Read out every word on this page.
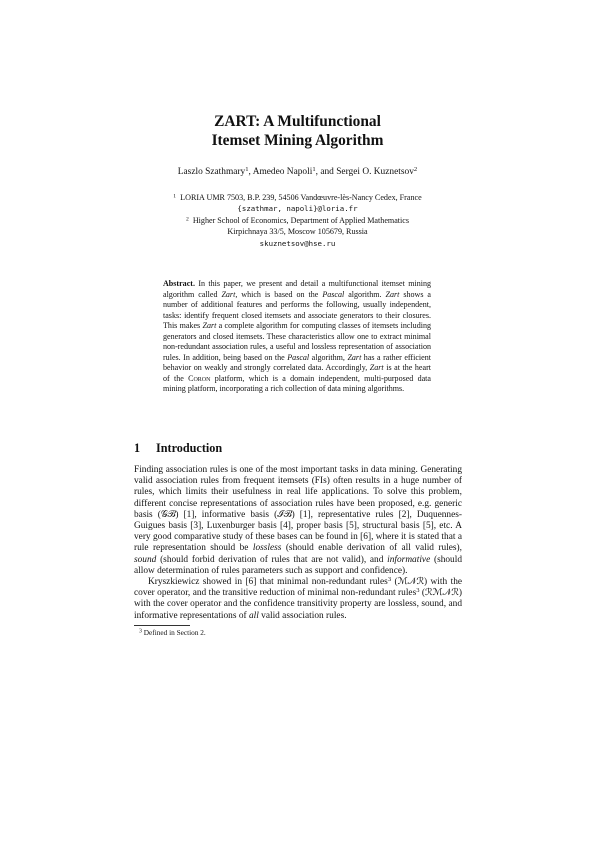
ZART: A Multifunctional
Itemset Mining Algorithm
Laszlo Szathmary$^1$, Amedeo Napoli$^1$, and Sergei O. Kuznetsov$^2$
$^1$ LORIA UMR 7503, B.P. 239, 54506 Vandœuvre-lès-Nancy Cedex, France
{szathmar, napoli}@loria.fr
$^2$ Higher School of Economics, Department of Applied Mathematics
Kirpichnaya 33/5, Moscow 105679, Russia
skuznetsov@hse.ru
Abstract. In this paper, we present and detail a multifunctional itemset mining algorithm called Zart, which is based on the Pascal algorithm. Zart shows a number of additional features and performs the following, usually independent, tasks: identify frequent closed itemsets and associate generators to their closures. This makes Zart a complete algorithm for computing classes of itemsets including generators and closed itemsets. These characteristics allow one to extract minimal non-redundant association rules, a useful and lossless representation of association rules. In addition, being based on the Pascal algorithm, Zart has a rather efficient behavior on weakly and strongly correlated data. Accordingly, Zart is at the heart of the Coron platform, which is a domain independent, multi-purposed data mining platform, incorporating a rich collection of data mining algorithms.
1 Introduction

Finding association rules is one of the most important tasks in data mining. Generating valid association rules from frequent itemsets (FIs) often results in a huge number of rules, which limits their usefulness in real life applications. To solve this problem, different concise representations of association rules have been proposed, e.g. generic basis (𝒢ℬ) [1], informative basis (ℐℬ) [1], representative rules [2], Duquennes-Guigues basis [3], Luxenburger basis [4], proper basis [5], structural basis [5], etc. A very good comparative study of these bases can be found in [6], where it is stated that a rule representation should be lossless (should enable derivation of all valid rules), sound (should forbid derivation of rules that are not valid), and informative (should allow determination of rules parameters such as support and confidence).

Kryszkiewicz showed in [6] that minimal non-redundant rules$^3$ (ℳ𝒩ℛ) with the cover operator, and the transitive reduction of minimal non-redundant rules$^3$ (ℛℳ𝒩ℛ) with the cover operator and the confidence transitivity property are lossless, sound, and informative representations of all valid association rules.

$^3$ Defined in Section 2.
